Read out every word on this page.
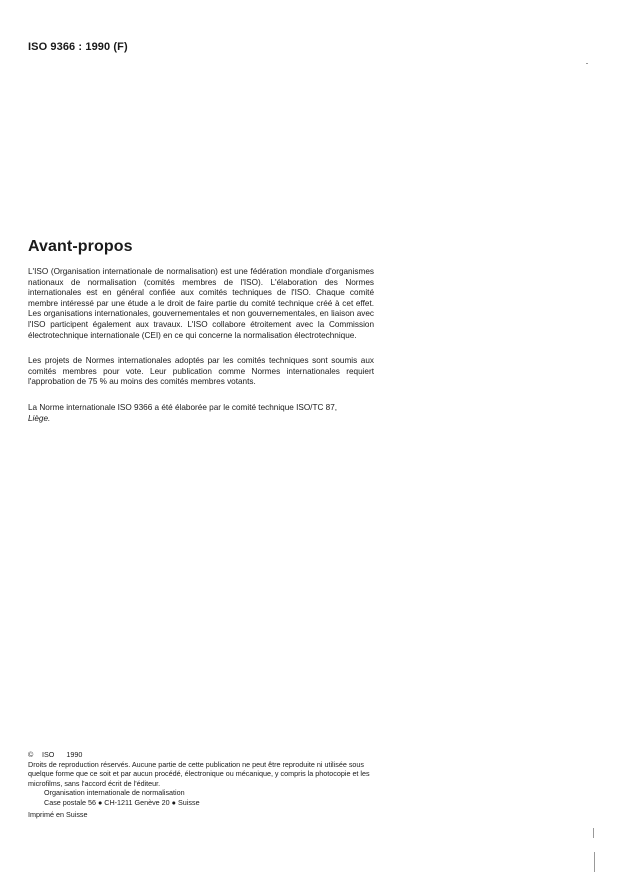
ISO 9366 : 1990 (F)
Avant-propos

L'ISO (Organisation internationale de normalisation) est une fédération mondiale d'organismes nationaux de normalisation (comités membres de l'ISO). L'élaboration des Normes internationales est en général confiée aux comités techniques de l'ISO. Chaque comité membre intéressé par une étude a le droit de faire partie du comité technique créé à cet effet. Les organisations internationales, gouvernementales et non gouvernementales, en liaison avec l'ISO participent également aux travaux. L'ISO collabore étroitement avec la Commission électrotechnique internationale (CEI) en ce qui concerne la normalisation électrotechnique.

Les projets de Normes internationales adoptés par les comités techniques sont soumis aux comités membres pour vote. Leur publication comme Normes internationales requiert l'approbation de 75 % au moins des comités membres votants.

La Norme internationale ISO 9366 a été élaborée par le comité technique ISO/TC 87,
Liège.

© ISO 1990

Droits de reproduction réservés. Aucune partie de cette publication ne peut être reproduite ni utilisée sous quelque forme que ce soit et par aucun procédé, électronique ou mécanique, y compris la photocopie et les microfilms, sans l'accord écrit de l'éditeur.

Organisation internationale de normalisation

Case postale 56 ● CH-1211 Genève 20 ● Suisse

Imprimé en Suisse
